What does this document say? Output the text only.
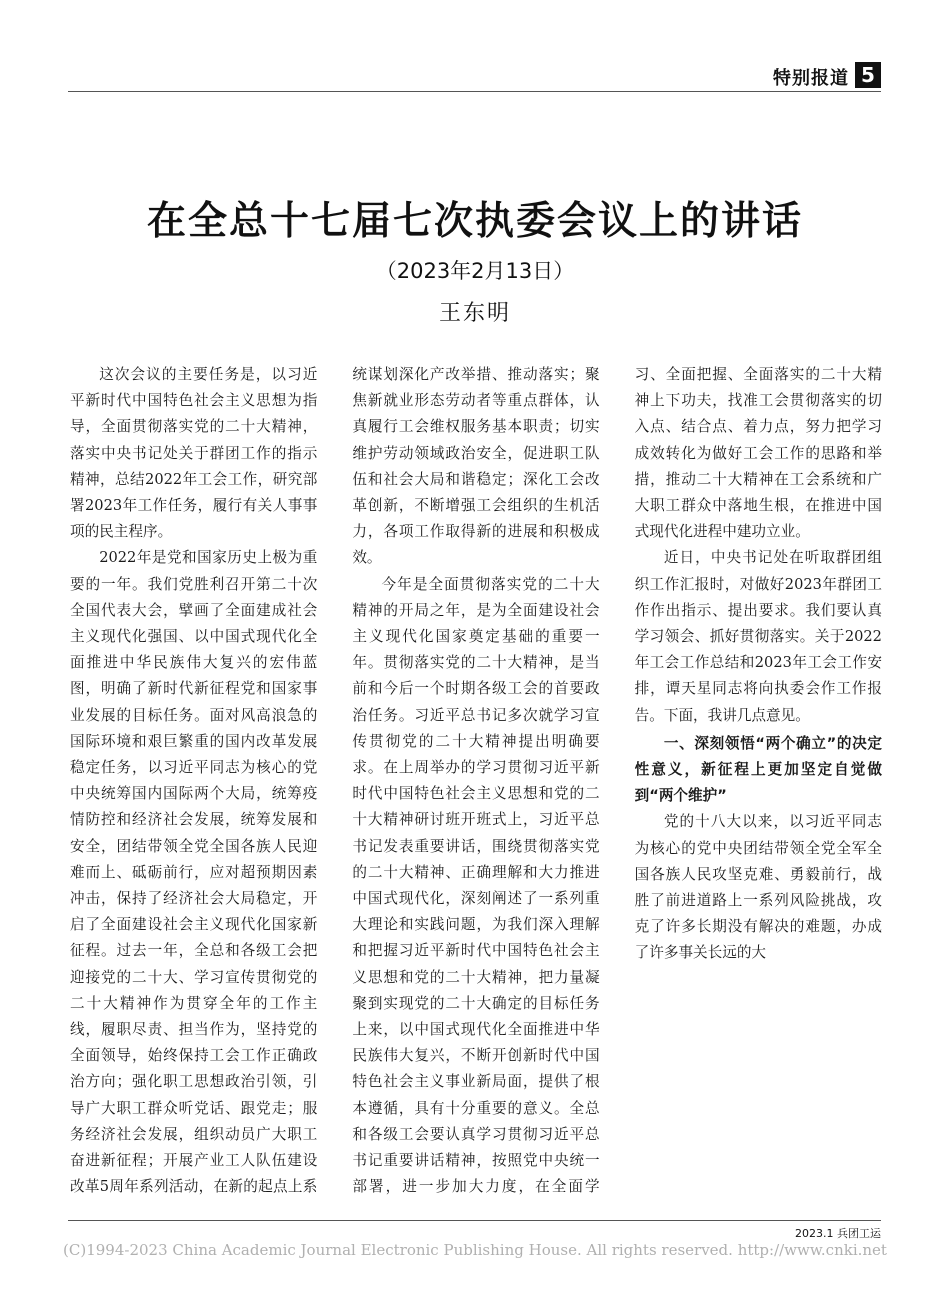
特别报道 5
在全总十七届七次执委会议上的讲话
（2023年2月13日）
王东明

这次会议的主要任务是，以习近平新时代中国特色社会主义思想为指导，全面贯彻落实党的二十大精神，落实中央书记处关于群团工作的指示精神，总结2022年工会工作，研究部署2023年工作任务，履行有关人事事项的民主程序。

2022年是党和国家历史上极为重要的一年。我们党胜利召开第二十次全国代表大会，擘画了全面建成社会主义现代化强国、以中国式现代化全面推进中华民族伟大复兴的宏伟蓝图，明确了新时代新征程党和国家事业发展的目标任务。面对风高浪急的国际环境和艰巨繁重的国内改革发展稳定任务，以习近平同志为核心的党中央统筹国内国际两个大局，统筹疫情防控和经济社会发展，统筹发展和安全，团结带领全党全国各族人民迎难而上、砥砺前行，应对超预期因素冲击，保持了经济社会大局稳定，开启了全面建设社会主义现代化国家新征程。过去一年，全总和各级工会把迎接党的二十大、学习宣传贯彻党的二十大精神作为贯穿全年的工作主线，履职尽责、担当作为，坚持党的全面领导，始终保持工会工作正确政治方向；强化职工思想政治引领，引导广大职工群众听党话、跟党走；服务经济社会发展，组织动员广大职工奋进新征程；开展产业工人队伍建设改革5周年系列活动，在新的起点上系统谋划深化产改举措、推动落实；聚焦新就业形态劳动者等重点群体，认真履行工会维权服务基本职责；切实维护劳动领域政治安全，促进职工队伍和社会大局和谐稳定；深化工会改革创新，不断增强工会组织的生机活力，各项工作取得新的进展和积极成效。

今年是全面贯彻落实党的二十大精神的开局之年，是为全面建设社会主义现代化国家奠定基础的重要一年。贯彻落实党的二十大精神，是当前和今后一个时期各级工会的首要政治任务。习近平总书记多次就学习宣传贯彻党的二十大精神提出明确要求。在上周举办的学习贯彻习近平新时代中国特色社会主义思想和党的二十大精神研讨班开班式上，习近平总书记发表重要讲话，围绕贯彻落实党的二十大精神、正确理解和大力推进中国式现代化，深刻阐述了一系列重大理论和实践问题，为我们深入理解和把握习近平新时代中国特色社会主义思想和党的二十大精神，把力量凝聚到实现党的二十大确定的目标任务上来，以中国式现代化全面推进中华民族伟大复兴，不断开创新时代中国特色社会主义事业新局面，提供了根本遵循，具有十分重要的意义。全总和各级工会要认真学习贯彻习近平总书记重要讲话精神，按照党中央统一部署，进一步加大力度，在全面学习、全面把握、全面落实的二十大精神上下功夫，找准工会贯彻落实的切入点、结合点、着力点，努力把学习成效转化为做好工会工作的思路和举措，推动二十大精神在工会系统和广大职工群众中落地生根，在推进中国式现代化进程中建功立业。

近日，中央书记处在听取群团组织工作汇报时，对做好2023年群团工作作出指示、提出要求。我们要认真学习领会、抓好贯彻落实。关于2022年工会工作总结和2023年工会工作安排，谭天星同志将向执委会作工作报告。下面，我讲几点意见。

一、深刻领悟“两个确立”的决定性意义，新征程上更加坚定自觉做到“两个维护”

党的十八大以来，以习近平同志为核心的党中央团结带领全党全军全国各族人民攻坚克难、勇毅前行，战胜了前进道路上一系列风险挑战，攻克了许多长期没有解决的难题，办成了许多事关长远的大

2023.1 兵团工运
(C)1994-2023 China Academic Journal Electronic Publishing House. All rights reserved. http://www.cnki.net
